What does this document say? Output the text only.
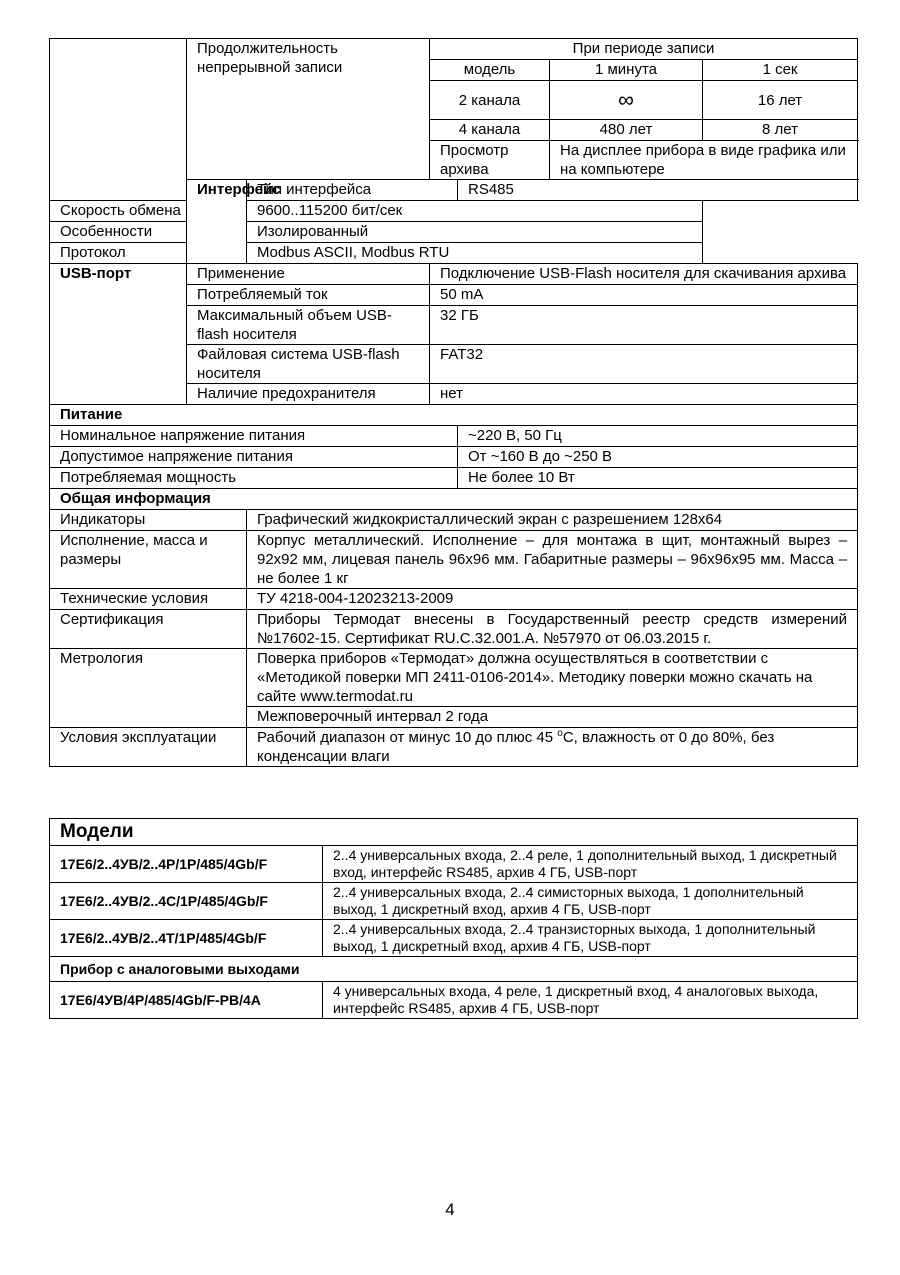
	Продолжительность непрерывной записи		При периоде записи			
			модель		1 минута	1 сек
			2 канала		∞	16 лет
			4 канала		480 лет	8 лет
			Просмотр архива		На дисплее прибора в виде графика или на компьютере	
	Интерфейс	Тип интерфейса		RS485		
Скорость обмена		9600..115200 бит/сек				
Особенности		Изолированный				
Протокол		Modbus ASCII, Modbus RTU				
USB-порт	Применение		Подключение USB-Flash носителя для скачивания архива			
	Потребляемый ток		50 mA			
	Максимальный объем USB-flash носителя		32 ГБ			
	Файловая система USB-flash носителя		FAT32			
	Наличие предохранителя		нет			
Питание						
Номинальное напряжение питания				~220 В, 50 Гц		
Допустимое напряжение питания				От ~160 В до ~250 В		
Потребляемая мощность				Не более 10 Вт		
Общая информация						
Индикаторы		Графический жидкокристаллический экран с разрешением 128х64				
Исполнение, масса и размеры		Корпус металлический. Исполнение – для монтажа в щит, монтажный вырез – 92х92 мм, лицевая панель 96х96 мм. Габаритные размеры – 96х96х95 мм. Масса – не более 1 кг				
Технические условия		ТУ 4218-004-12023213-2009				
Сертификация		Приборы Термодат внесены в Государственный реестр средств измерений №17602-15. Сертификат RU.C.32.001.A. №57970 от 06.03.2015 г.				
Метрология		Поверка приборов «Термодат» должна осуществляться в соответствии с «Методикой поверки МП 2411-0106-2014». Методику поверки можно скачать на сайте www.termodat.ru				
		Межповерочный интервал 2 года				
Условия эксплуатации		Рабочий диапазон от минус 10 до плюс 45 $^о$С, влажность от 0 до 80%, без конденсации влаги				
Модели	
17Е6/2..4УВ/2..4Р/1Р/485/4Gb/F	2..4 универсальных входа, 2..4 реле, 1 дополнительный выход, 1 дискретный вход, интерфейс RS485, архив 4 ГБ, USB-порт
17Е6/2..4УВ/2..4С/1Р/485/4Gb/F	2..4 универсальных входа, 2..4 симисторных выхода, 1 дополнительный выход, 1 дискретный вход, архив 4 ГБ, USB-порт
17Е6/2..4УВ/2..4Т/1Р/485/4Gb/F	2..4 универсальных входа, 2..4 транзисторных выхода, 1 дополнительный выход, 1 дискретный вход, архив 4 ГБ, USB-порт
Прибор с аналоговыми выходами	
17Е6/4УВ/4Р/485/4Gb/F-PB/4A	4 универсальных входа, 4 реле, 1 дискретный вход, 4 аналоговых выхода, интерфейс RS485, архив 4 ГБ, USB-порт
4
